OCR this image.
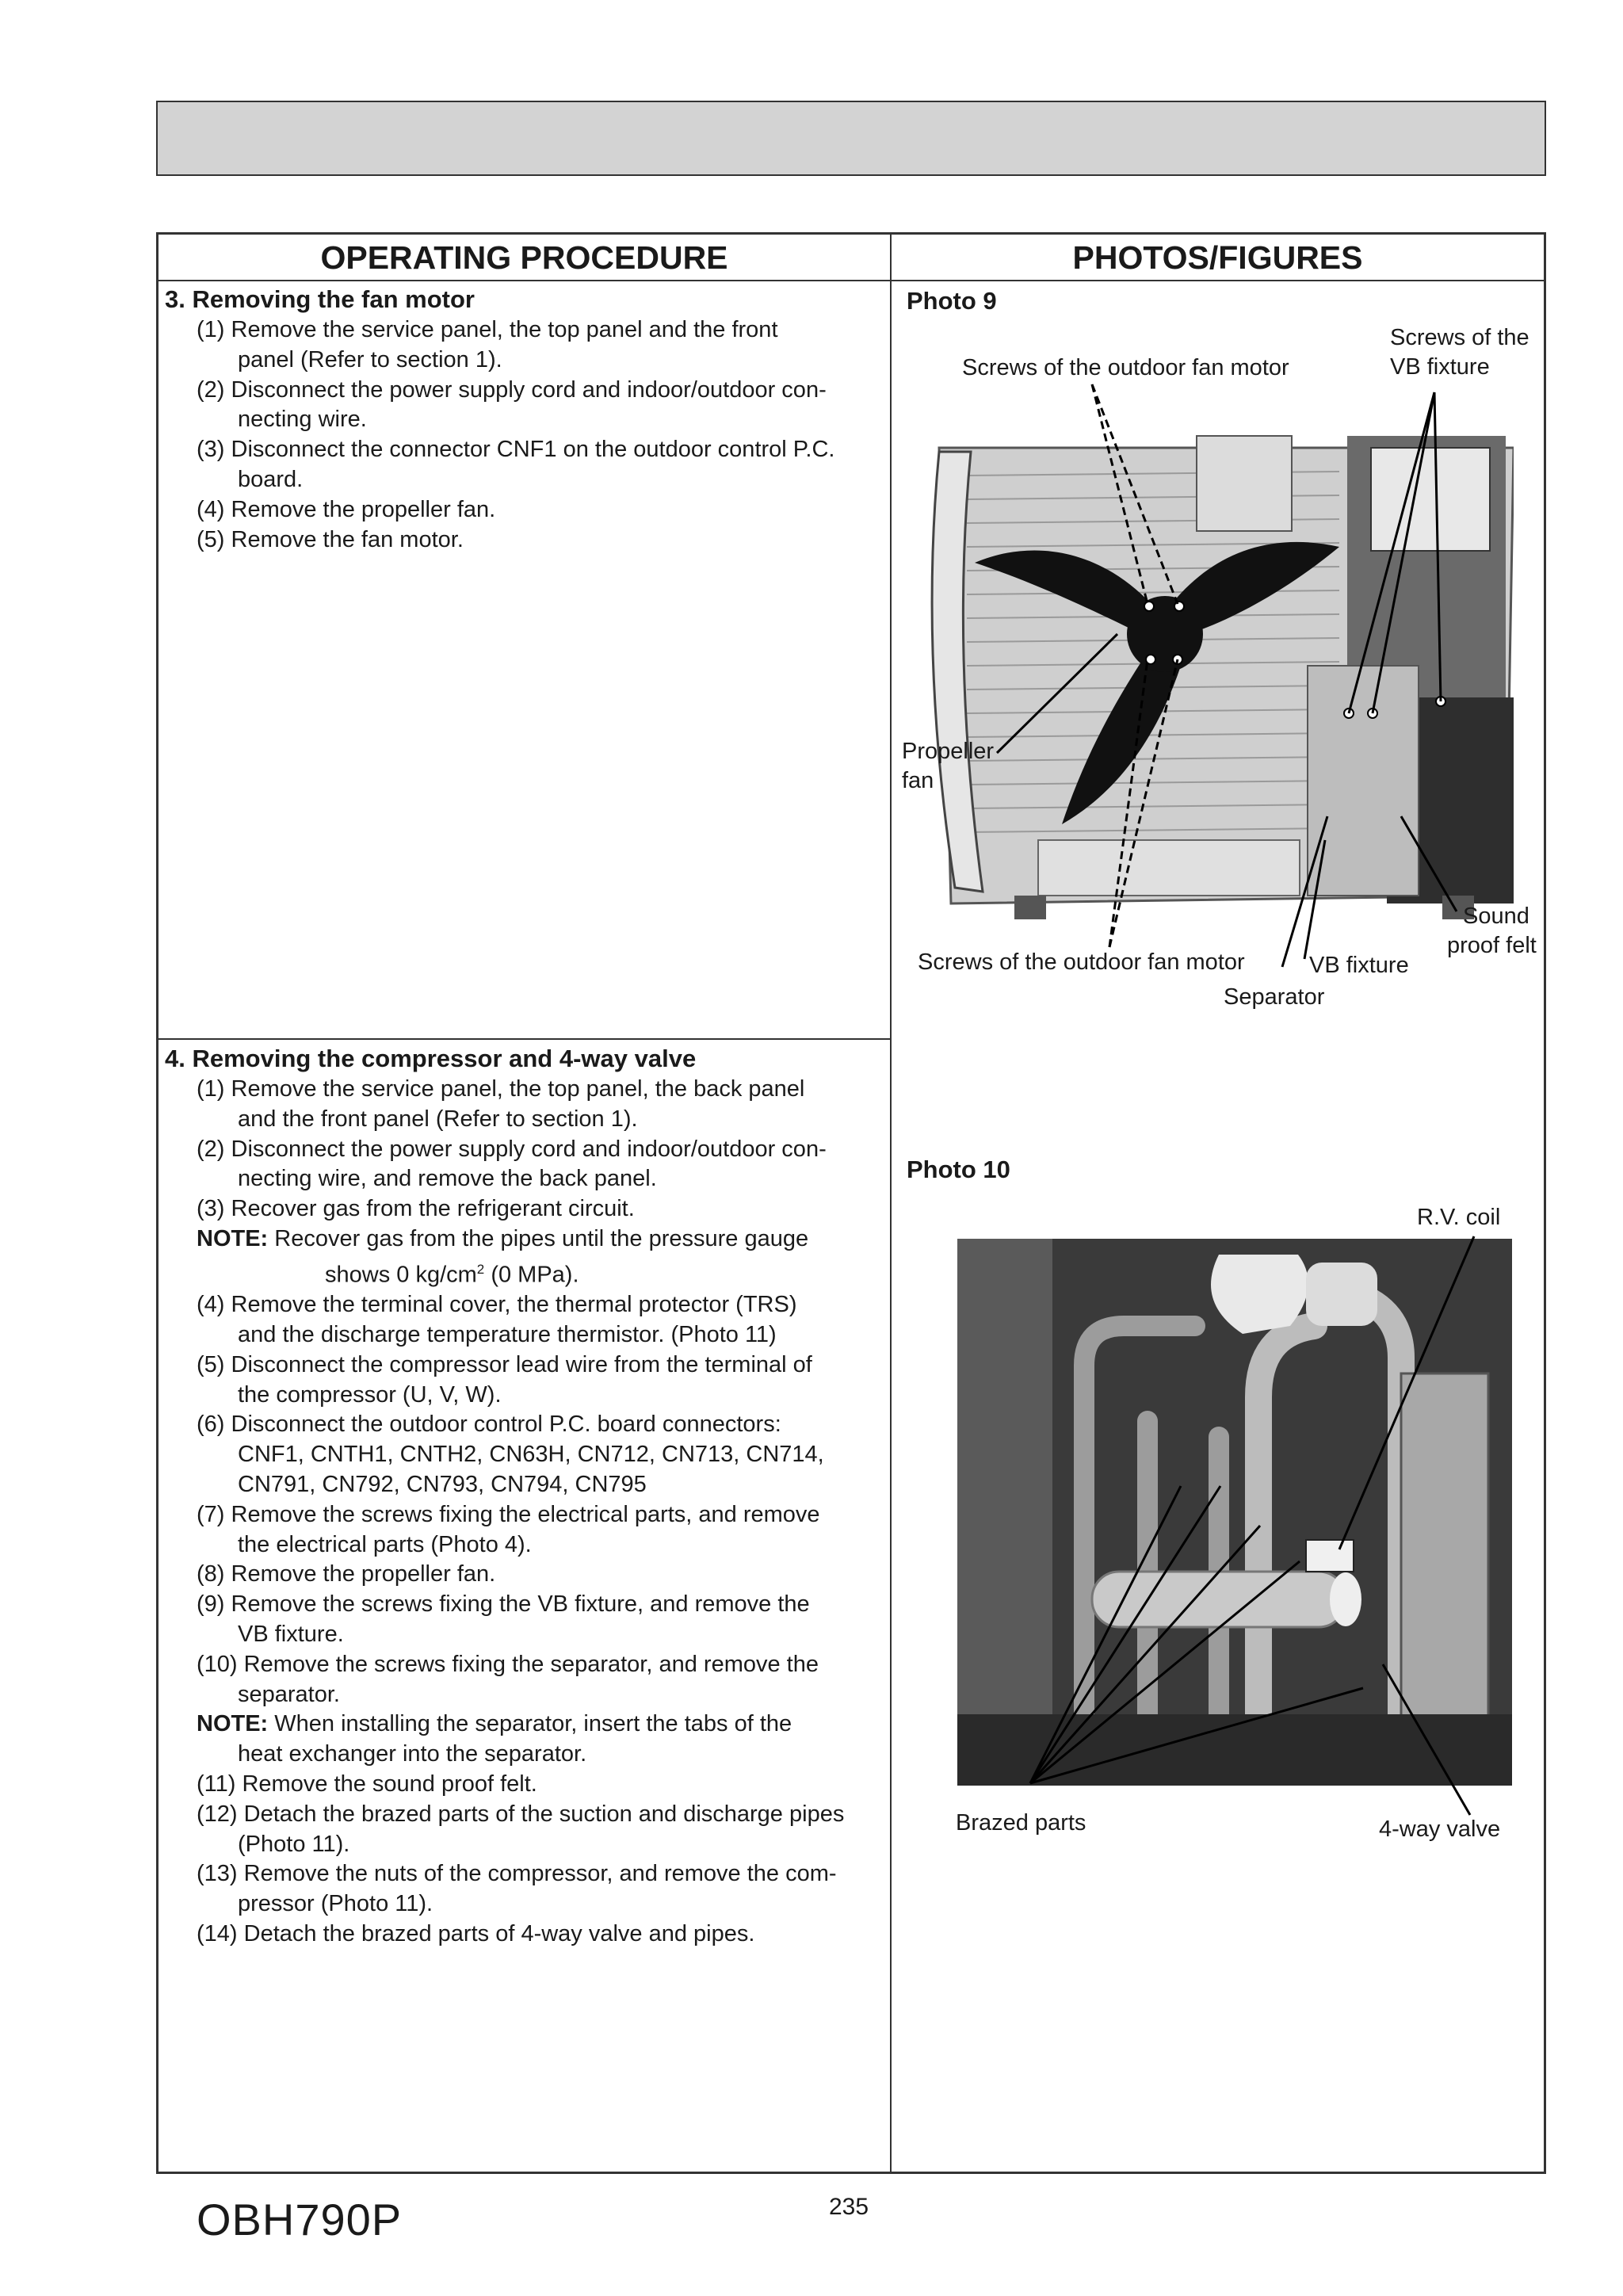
OPERATING PROCEDURE	PHOTOS/FIGURES
3. Removing the fan motor

(1) Remove the service panel, the top panel and the front
panel (Refer to section 1).

(2) Disconnect the power supply cord and indoor/outdoor con-
necting wire.

(3) Disconnect the connector CNF1 on the outdoor control P.C.
board.

(4) Remove the propeller fan.

(5) Remove the fan motor.

4. Removing the compressor and 4-way valve

(1) Remove the service panel, the top panel, the back panel
and the front panel (Refer to section 1).

(2) Disconnect the power supply cord and indoor/outdoor con-
necting wire, and remove the back panel.

(3) Recover gas from the refrigerant circuit.

NOTE: Recover gas from the pipes until the pressure gauge
shows 0 $kg/cm^2$ (0 MPa).

(4) Remove the terminal cover, the thermal protector (TRS)
and the discharge temperature thermistor. (Photo 11)

(5) Disconnect the compressor lead wire from the terminal of
the compressor (U, V, W).

(6) Disconnect the outdoor control P.C. board connectors:
CNF1, CNTH1, CNTH2, CN63H, CN712, CN713, CN714,
CN791, CN792, CN793, CN794, CN795

(7) Remove the screws fixing the electrical parts, and remove
the electrical parts (Photo 4).

(8) Remove the propeller fan.

(9) Remove the screws fixing the VB fixture, and remove the
VB fixture.

(10) Remove the screws fixing the separator, and remove the
separator.

NOTE: When installing the separator, insert the tabs of the
heat exchanger into the separator.

(11) Remove the sound proof felt.

(12) Detach the brazed parts of the suction and discharge pipes
(Photo 11).

(13) Remove the nuts of the compressor, and remove the com-
pressor (Photo 11).

(14) Detach the brazed parts of 4-way valve and pipes.

Photo 9
Screws of the outdoor fan motor
Screws of the
VB fixture
Propeller
fan
Screws of the outdoor fan motor	VB fixture
Separator
Sound
proof felt
Photo 10
R.V. coil
Brazed parts	4-way valve
OBH790P	235
